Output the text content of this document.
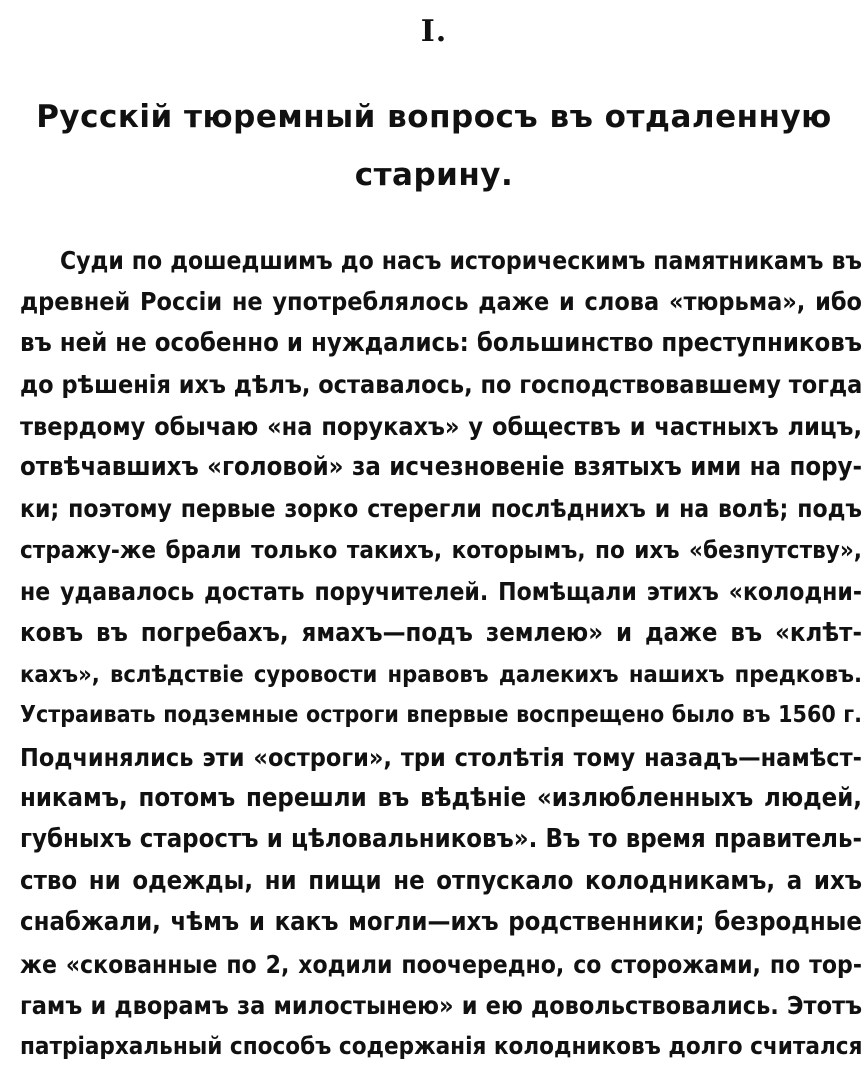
I.
Русскій тюремный вопросъ въ отдаленную
старину.
Суди по дошедшимъ до насъ историческимъ памятникамъ въ
древней Россіи не употреблялось даже и слова «тюрьма», ибо
въ ней не особенно и нуждались: большинство преступниковъ
до рѣшенія ихъ дѣлъ, оставалось, по господствовавшему тогда
твердому обычаю «на порукахъ» у обществъ и частныхъ лицъ,
отвѣчавшихъ «головой» за исчезновеніе взятыхъ ими на пору-
ки; поэтому первые зорко стерегли послѣднихъ и на волѣ; подъ
стражу-же брали только такихъ, которымъ, по ихъ «безпутству»,
не удавалось достать поручителей. Помѣщали этихъ «колодни-
ковъ въ погребахъ, ямахъ—подъ землею» и даже въ «клѣт-
кахъ», вслѣдствіе суровости нравовъ далекихъ нашихъ предковъ.
Устраивать подземные остроги впервые воспрещено было въ 1560 г.
Подчинялись эти «остроги», три столѣтія тому назадъ—намѣст-
никамъ, потомъ перешли въ вѣдѣніе «излюбленныхъ людей,
губныхъ старостъ и цѣловальниковъ». Въ то время правитель-
ство ни одежды, ни пищи не отпускало колодникамъ, а ихъ
снабжали, чѣмъ и какъ могли—ихъ родственники; безродные
же «скованные по 2, ходили поочередно, со сторожами, по тор-
гамъ и дворамъ за милостынею» и ею довольствовались. Этотъ
патріархальный способъ содержанія колодниковъ долго считался
